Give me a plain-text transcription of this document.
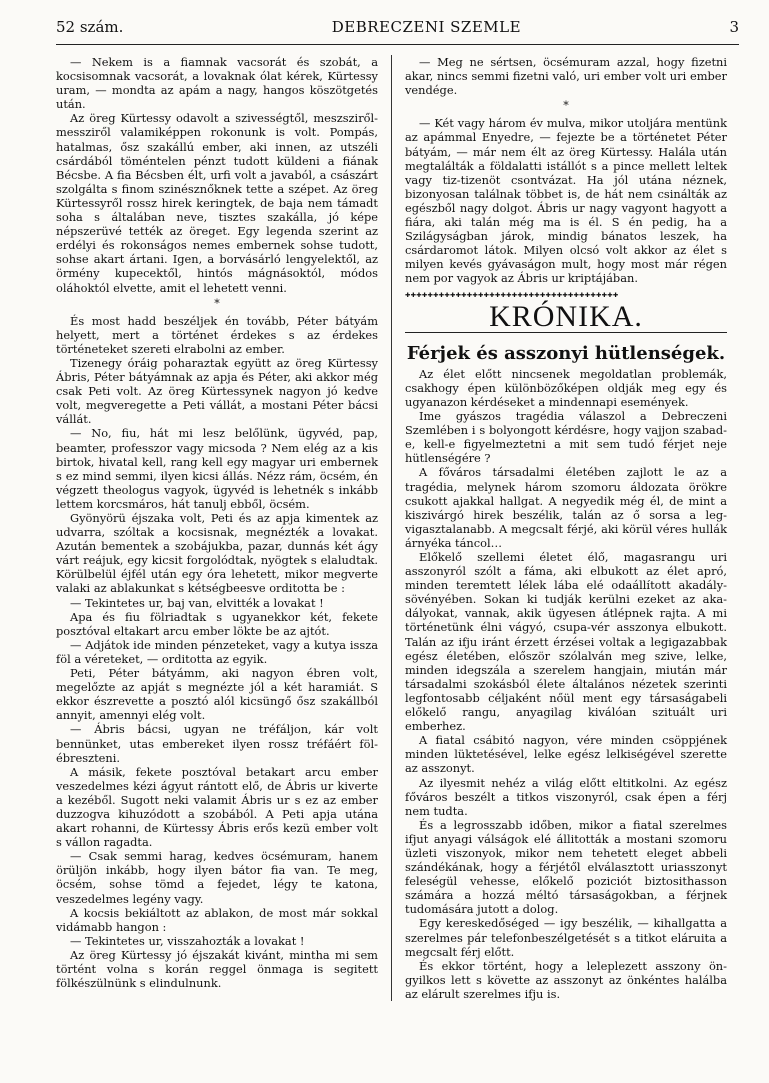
52 szám.	DEBRECZENI SZEMLE	3

— Nekem is a fiamnak vacsorát és szobát, a kocsisomnak vacsorát, a lovaknak ólat kérek, Kürtessy uram, — mondta az apám a nagy, hangos köszötgetés után.

Az öreg Kürtessy odavolt a szivességtől, meszsziről-messziről valamiképpen rokonunk is volt. Pompás, hatalmas, ősz szakállú ember, aki innen, az utszéli csárdából töméntelen pénzt tudott küldeni a fiának Bécsbe. A fia Bécsben élt, urfi volt a javaból, a császárt szolgálta s finom szinésznőknek tette a szépet. Az öreg Kürtessyről rossz hirek keringtek, de baja nem támadt soha s általában neve, tisztes szakálla, jó képe népszerüvé tették az öreget. Egy legenda szerint az erdélyi és rokonságos nemes embernek sohse tudott, sohse akart ártani. Igen, a borvásárló lengyelektől, az örmény kupecektől, hintós mágnásoktól, módos oláhoktól elvette, amit el lehetett venni.

*

És most hadd beszéljek én tovább, Péter bátyám helyett, mert a történet érdekes s az érdekes történeteket szereti elrabolni az ember.

Tizenegy óráig poharaztak együtt az öreg Kürtessy Ábris, Péter bátyámnak az apja és Péter, aki akkor még csak Peti volt. Az öreg Kürtessynek nagyon jó kedve volt, megveregette a Peti vállát, a mostani Péter bácsi vállát.

— No, fiu, hát mi lesz belőlünk, ügyvéd, pap, beamter, professzor vagy micsoda ? Nem elég az a kis birtok, hivatal kell, rang kell egy magyar uri embernek s ez mind semmi, ilyen kicsi állás. Nézz rám, öcsém, én végzett theologus vagyok, ügyvéd is lehetnék s inkább lettem korcsmáros, hát tanulj ebből, öcsém.

Gyönyörü éjszaka volt, Peti és az apja kimentek az udvarra, szóltak a kocsisnak, megnézték a lovakat. Azután bementek a szobájukba, pazar, dunnás két ágy várt reájuk, egy kicsit forgolódtak, nyögtek s elaludtak. Körülbelül éjfél után egy óra lehetett, mikor megverte valaki az ablakunkat s kétségbeesve orditotta be :

— Tekintetes ur, baj van, elvitték a lovakat !

Apa és fiu fölriadtak s ugyanekkor két, fekete posztóval eltakart arcu ember lökte be az ajtót.

— Adjátok ide minden pénzeteket, vagy a kutya issza föl a véreteket, — orditotta az egyik.

Peti, Péter bátyámm, aki nagyon ébren volt, megelőzte az apját s megnézte jól a két haramiát. S ekkor észrevette a posztó alól kicsüngő ősz szakállból annyit, amennyi elég volt.

— Ábris bácsi, ugyan ne tréfáljon, kár volt bennünket, utas embereket ilyen rossz tréfáért fölébreszteni.

A másik, fekete posztóval betakart arcu ember veszedelmes kézi ágyut rántott elő, de Ábris ur kiverte a kezéből. Sugott neki valamit Ábris ur s ez az ember duzzogva kihuzódott a szobából. A Peti apja utána akart rohanni, de Kürtessy Ábris erős kezü ember volt s vállon ragadta.

— Csak semmi harag, kedves öcsémuram, hanem örüljön inkább, hogy ilyen bátor fia van. Te meg, öcsém, sohse tömd a fejedet, légy te katona, veszedelmes legény vagy.

A kocsis bekiáltott az ablakon, de most már sokkal vidámabb hangon :

— Tekintetes ur, visszahozták a lovakat !

Az öreg Kürtessy jó éjszakát kivánt, mintha mi sem történt volna s korán reggel önmaga is segitett fölkészülnünk s elindulnunk.

— Meg ne sértsen, öcsémuram azzal, hogy fizetni akar, nincs semmi fizetni való, uri ember volt uri ember vendége.

*

— Két vagy három év mulva, mikor utoljára mentünk az apámmal Enyedre, — fejezte be a történetet Péter bátyám, — már nem élt az öreg Kürtessy. Halála után megtalálták a földalatti istállót s a pince mellett leltek vagy tiz-tizenöt csontvázat. Ha jól utána néznek, bizonyosan találnak többet is, de hát nem csinálták az egészből nagy dolgot. Ábris ur nagy vagyont hagyott a fiára, aki talán még ma is él. S én pedig, ha a Szilágyságban járok, mindig bánatos leszek, ha csárdaromot látok. Milyen olcsó volt akkor az élet s milyen kevés gyávaságon mult, hogy most már régen nem por vagyok az Ábris ur kriptájában.

✚✚✚✚✚✚✚✚✚✚✚✚✚✚✚✚✚✚✚✚✚✚✚✚✚✚✚✚✚✚✚✚✚✚✚✚✚✚
KRÓNIKA.
Férjek és asszonyi hütlenségek.

Az élet előtt nincsenek megoldatlan problemák, csakhogy épen különbözőképen oldják meg egy és ugyanazon kérdéseket a mindennapi események.

Ime gyászos tragédia válaszol a Debreczeni Szemlében i s bolyongott kérdésre, hogy vajjon szabad-e, kell-e figyelmeztetni a mit sem tudó férjet neje hütlenségére ?

A főváros társadalmi életében zajlott le az a tragédia, melynek három szomoru áldozata örökre csukott ajakkal hallgat. A negyedik még él, de mint a kiszivárgó hirek beszélik, talán az ő sorsa a legvigasztalanabb. A megcsalt férjé, aki körül véres hullák árnyéka táncol…

Előkelő szellemi életet élő, magasrangu uri asszonyról szólt a fáma, aki elbukott az élet apró, minden teremtett lélek lába elé odaállított akadálysövényében. Sokan ki tudják kerülni ezeket az akadályokat, vannak, akik ügyesen átlépnek rajta. A mi történetünk élni vágyó, csupa-vér asszonya elbukott. Talán az ifju iránt érzett érzései voltak a legigazabbak egész életében, először szólalván meg szive, lelke, minden idegszála a szerelem hangjain, miután már társadalmi szokásból élete általános nézetek szerinti legfontosabb céljaként nőül ment egy társaságabeli előkelő rangu, anyagilag kiválóan szituált uri emberhez.

A fiatal csábitó nagyon, vére minden csöppjének minden lüktetésével, lelke egész lelkiségével szerette az asszonyt.

Az ilyesmit nehéz a világ előtt eltitkolni. Az egész főváros beszélt a titkos viszonyról, csak épen a férj nem tudta.

És a legrosszabb időben, mikor a fiatal szerelmes ifjut anyagi válságok elé állitották a mostani szomoru üzleti viszonyok, mikor nem tehetett eleget abbeli szándékának, hogy a férjétől elválasztott uriasszonyt feleségül vehesse, előkelő poziciót biztosithasson számára a hozzá méltó társaságokban, a férjnek tudomására jutott a dolog.

Egy kereskedőséged — igy beszélik, — kihallgatta a szerelmes pár telefonbeszélgetését s a titkot eláruita a megcsalt férj előtt.

És ekkor történt, hogy a leleplezett asszony öngyilkos lett s követte az asszonyt az önkéntes halálba az elárult szerelmes ifju is.
